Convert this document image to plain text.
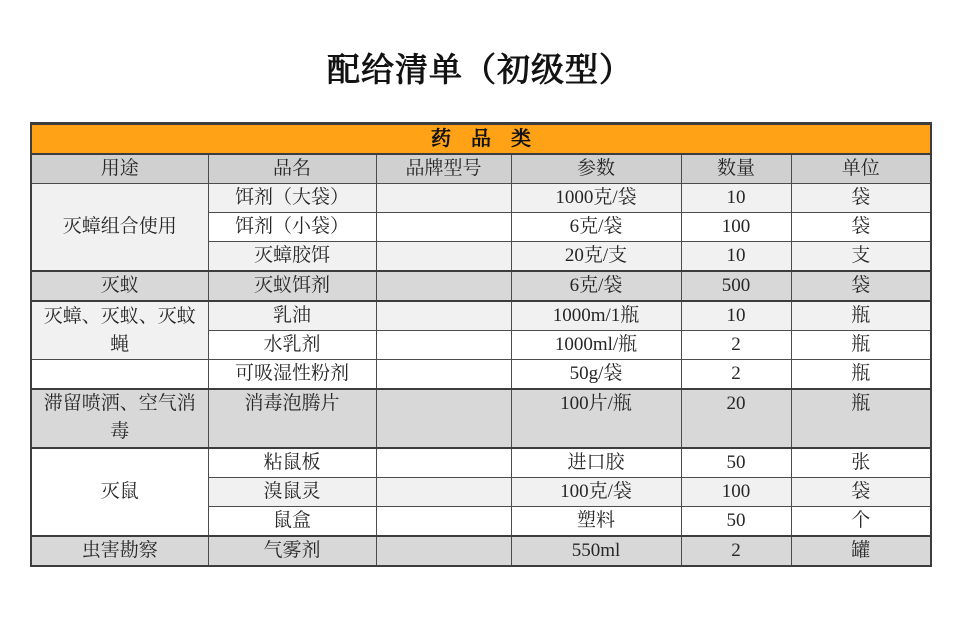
配给清单（初级型）
药　品　类					
用途	品名	品牌型号	参数	数量	单位
灭蟑组合使用	饵剂（大袋）		1000克/袋	10	袋
	饵剂（小袋）		6克/袋	100	袋
	灭蟑胶饵		20克/支	10	支
灭蚁	灭蚁饵剂		6克/袋	500	袋
灭蟑、灭蚁、灭蚊蝇	乳油		1000m/1瓶	10	瓶
	水乳剂		1000ml/瓶	2	瓶
	可吸湿性粉剂		50g/袋	2	瓶
滞留喷洒、空气消毒	消毒泡腾片		100片/瓶	20	瓶
灭鼠	粘鼠板		进口胶	50	张
	溴鼠灵		100克/袋	100	袋
	鼠盒		塑料	50	个
虫害勘察	气雾剂		550ml	2	罐
